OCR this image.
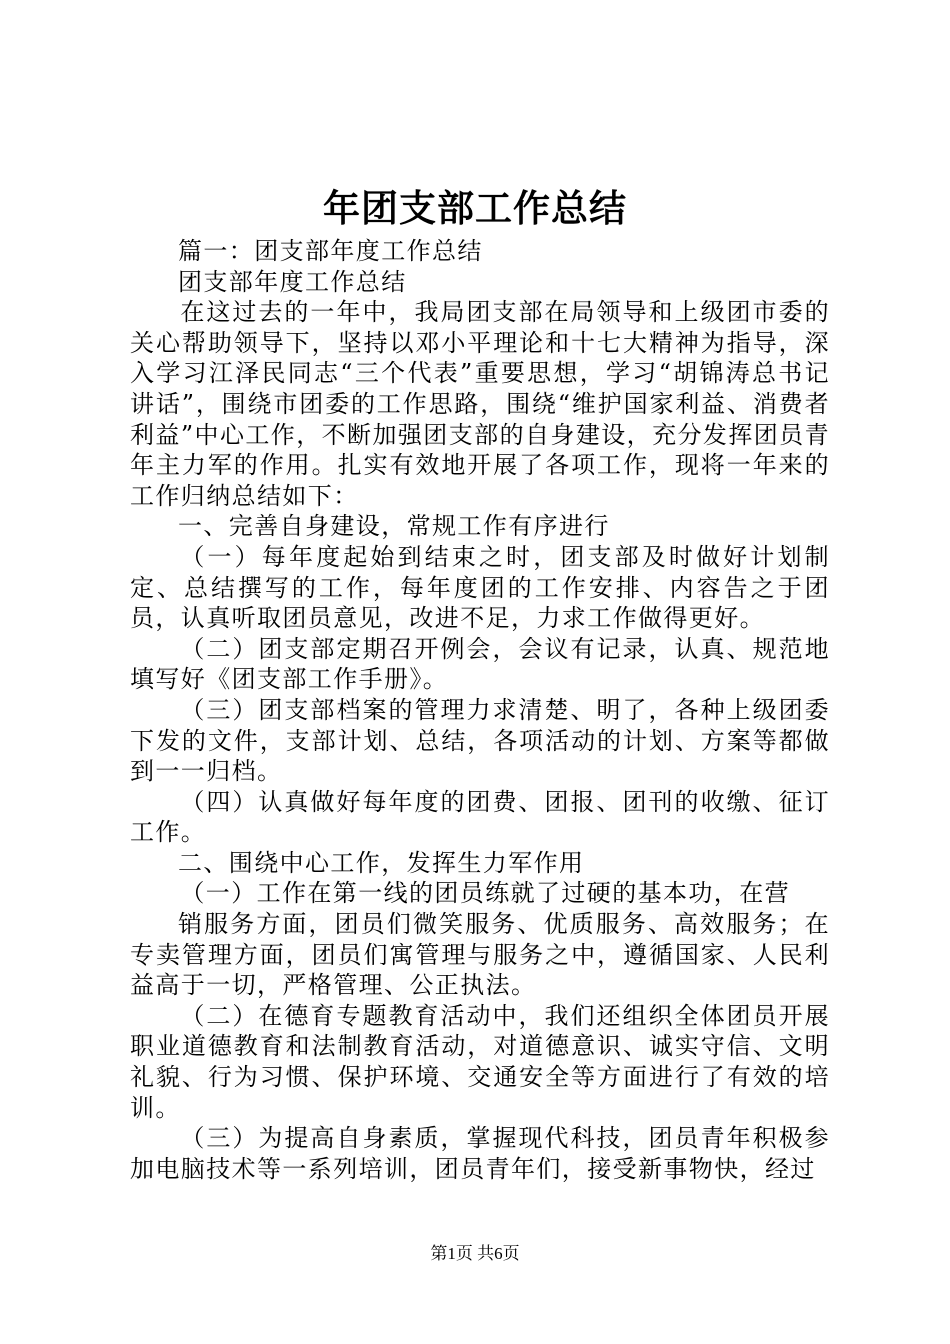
年团支部工作总结

篇一：团支部年度工作总结

团支部年度工作总结

在这过去的一年中，我局团支部在局领导和上级团市委的关心帮助领导下，坚持以邓小平理论和十七大精神为指导，深入学习江泽民同志“三个代表”重要思想，学习“胡锦涛总书记讲话”，围绕市团委的工作思路，围绕“维护国家利益、消费者利益”中心工作，不断加强团支部的自身建设，充分发挥团员青年主力军的作用。扎实有效地开展了各项工作，现将一年来的工作归纳总结如下：

一、完善自身建设，常规工作有序进行

（一）每年度起始到结束之时，团支部及时做好计划制定、总结撰写的工作，每年度团的工作安排、内容告之于团员，认真听取团员意见，改进不足，力求工作做得更好。

（二）团支部定期召开例会，会议有记录，认真、规范地填写好《团支部工作手册》。

（三）团支部档案的管理力求清楚、明了，各种上级团委下发的文件，支部计划、总结，各项活动的计划、方案等都做到一一归档。

（四）认真做好每年度的团费、团报、团刊的收缴、征订工作。

二、围绕中心工作，发挥生力军作用

（一）工作在第一线的团员练就了过硬的基本功，在营

销服务方面，团员们微笑服务、优质服务、高效服务；在专卖管理方面，团员们寓管理与服务之中，遵循国家、人民利益高于一切，严格管理、公正执法。

（二）在德育专题教育活动中，我们还组织全体团员开展职业道德教育和法制教育活动，对道德意识、诚实守信、文明礼貌、行为习惯、保护环境、交通安全等方面进行了有效的培训。

（三）为提高自身素质，掌握现代科技，团员青年积极参加电脑技术等一系列培训，团员青年们，接受新事物快，经过

第1页 共6页
